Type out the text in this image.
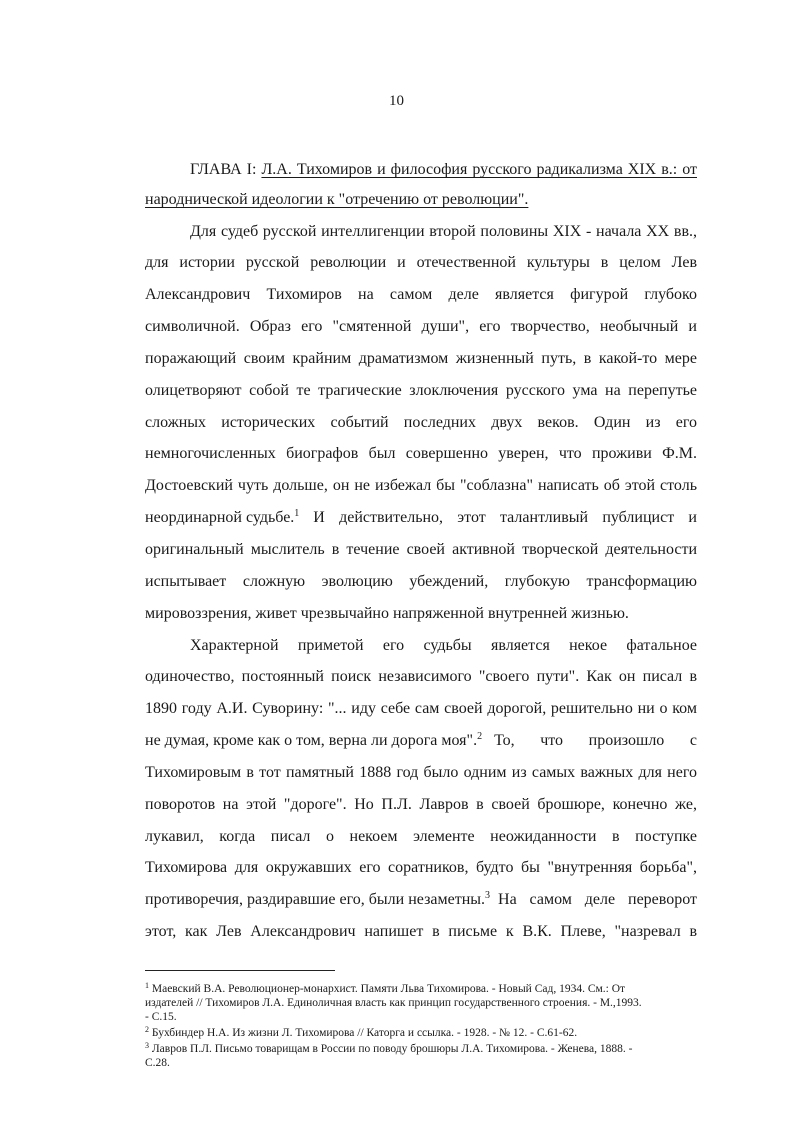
10
ГЛАВА I: Л.А. Тихомиров и философия русского радикализма XIX в.: от
народнической идеологии к "отречению от революции".
Для судеб русской интеллигенции второй половины XIX - начала XX вв.,
для истории русской революции и отечественной культуры в целом Лев
Александрович Тихомиров на самом деле является фигурой глубоко
символичной. Образ его "смятенной души", его творчество, необычный и
поражающий своим крайним драматизмом жизненный путь, в какой-то мере
олицетворяют собой те трагические злоключения русского ума на перепутье
сложных исторических событий последних двух веков. Один из его
немногочисленных биографов был совершенно уверен, что проживи Ф.М.
Достоевский чуть дольше, он не избежал бы "соблазна" написать об этой столь
неординарной судьбе.$^1$ И действительно, этот талантливый публицист и
оригинальный мыслитель в течение своей активной творческой деятельности
испытывает сложную эволюцию убеждений, глубокую трансформацию
мировоззрения, живет чрезвычайно напряженной внутренней жизнью.
Характерной приметой его судьбы является некое фатальное
одиночество, постоянный поиск независимого "своего пути". Как он писал в
1890 году А.И. Суворину: "... иду себе сам своей дорогой, решительно ни о ком
не думая, кроме как о том, верна ли дорога моя".$^2$ То, что произошло с
Тихомировым в тот памятный 1888 год было одним из самых важных для него
поворотов на этой "дороге". Но П.Л. Лавров в своей брошюре, конечно же,
лукавил, когда писал о некоем элементе неожиданности в поступке
Тихомирова для окружавших его соратников, будто бы "внутренняя борьба",
противоречия, раздиравшие его, были незаметны.$^3$ На самом деле переворот
этот, как Лев Александрович напишет в письме к В.К. Плеве, "назревал в
$^1$ Маевский В.А. Революционер-монархист. Памяти Льва Тихомирова. - Новый Сад, 1934. См.: От
издателей // Тихомиров Л.А. Единоличная власть как принцип государственного строения. - М.,1993.
- С.15.
$^2$ Бухбиндер Н.А. Из жизни Л. Тихомирова // Каторга и ссылка. - 1928. - № 12. - С.61-62.
$^3$ Лавров П.Л. Письмо товарищам в России по поводу брошюры Л.А. Тихомирова. - Женева, 1888. -
С.28.
